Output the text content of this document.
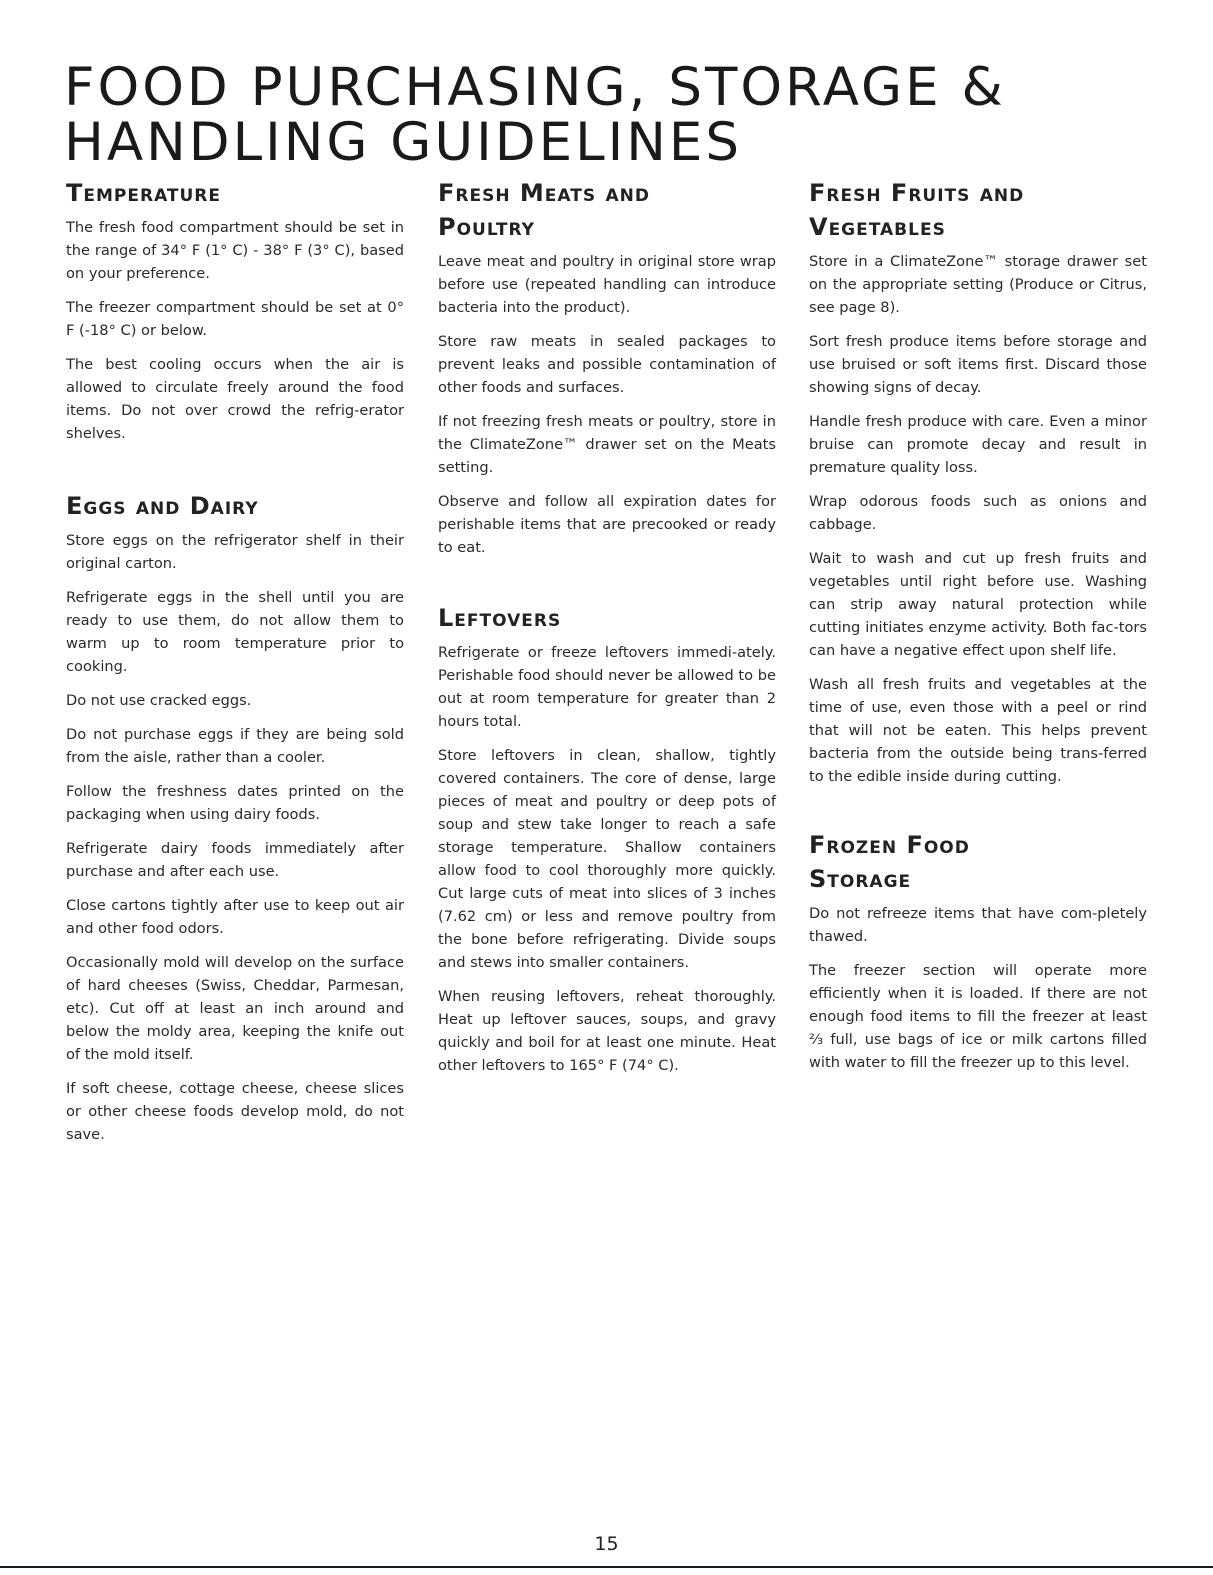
FOOD PURCHASING, STORAGE &
HANDLING GUIDELINES
Temperature

The fresh food compartment should be set in the range of 34° F (1° C) - 38° F (3° C), based on your preference.

The freezer compartment should be set at 0° F (-18° C) or below.

The best cooling occurs when the air is allowed to circulate freely around the food items. Do not over crowd the refrig-erator shelves.

Eggs and Dairy

Store eggs on the refrigerator shelf in their original carton.

Refrigerate eggs in the shell until you are ready to use them, do not allow them to warm up to room temperature prior to cooking.

Do not use cracked eggs.

Do not purchase eggs if they are being sold from the aisle, rather than a cooler.

Follow the freshness dates printed on the packaging when using dairy foods.

Refrigerate dairy foods immediately after purchase and after each use.

Close cartons tightly after use to keep out air and other food odors.

Occasionally mold will develop on the surface of hard cheeses (Swiss, Cheddar, Parmesan, etc). Cut off at least an inch around and below the moldy area, keeping the knife out of the mold itself.

If soft cheese, cottage cheese, cheese slices or other cheese foods develop mold, do not save.

Fresh Meats and
Poultry

Leave meat and poultry in original store wrap before use (repeated handling can introduce bacteria into the product).

Store raw meats in sealed packages to prevent leaks and possible contamination of other foods and surfaces.

If not freezing fresh meats or poultry, store in the ClimateZone™ drawer set on the Meats setting.

Observe and follow all expiration dates for perishable items that are precooked or ready to eat.

Leftovers

Refrigerate or freeze leftovers immedi-ately. Perishable food should never be allowed to be out at room temperature for greater than 2 hours total.

Store leftovers in clean, shallow, tightly covered containers. The core of dense, large pieces of meat and poultry or deep pots of soup and stew take longer to reach a safe storage temperature. Shallow containers allow food to cool thoroughly more quickly. Cut large cuts of meat into slices of 3 inches (7.62 cm) or less and remove poultry from the bone before refrigerating. Divide soups and stews into smaller containers.

When reusing leftovers, reheat thoroughly. Heat up leftover sauces, soups, and gravy quickly and boil for at least one minute. Heat other leftovers to 165° F (74° C).

Fresh Fruits and
Vegetables

Store in a ClimateZone™ storage drawer set on the appropriate setting (Produce or Citrus, see page 8).

Sort fresh produce items before storage and use bruised or soft items first. Discard those showing signs of decay.

Handle fresh produce with care. Even a minor bruise can promote decay and result in premature quality loss.

Wrap odorous foods such as onions and cabbage.

Wait to wash and cut up fresh fruits and vegetables until right before use. Washing can strip away natural protection while cutting initiates enzyme activity. Both fac-tors can have a negative effect upon shelf life.

Wash all fresh fruits and vegetables at the time of use, even those with a peel or rind that will not be eaten. This helps prevent bacteria from the outside being trans-ferred to the edible inside during cutting.

Frozen Food
Storage

Do not refreeze items that have com-pletely thawed.

The freezer section will operate more efficiently when it is loaded. If there are not enough food items to fill the freezer at least ⅔ full, use bags of ice or milk cartons filled with water to fill the freezer up to this level.

15
